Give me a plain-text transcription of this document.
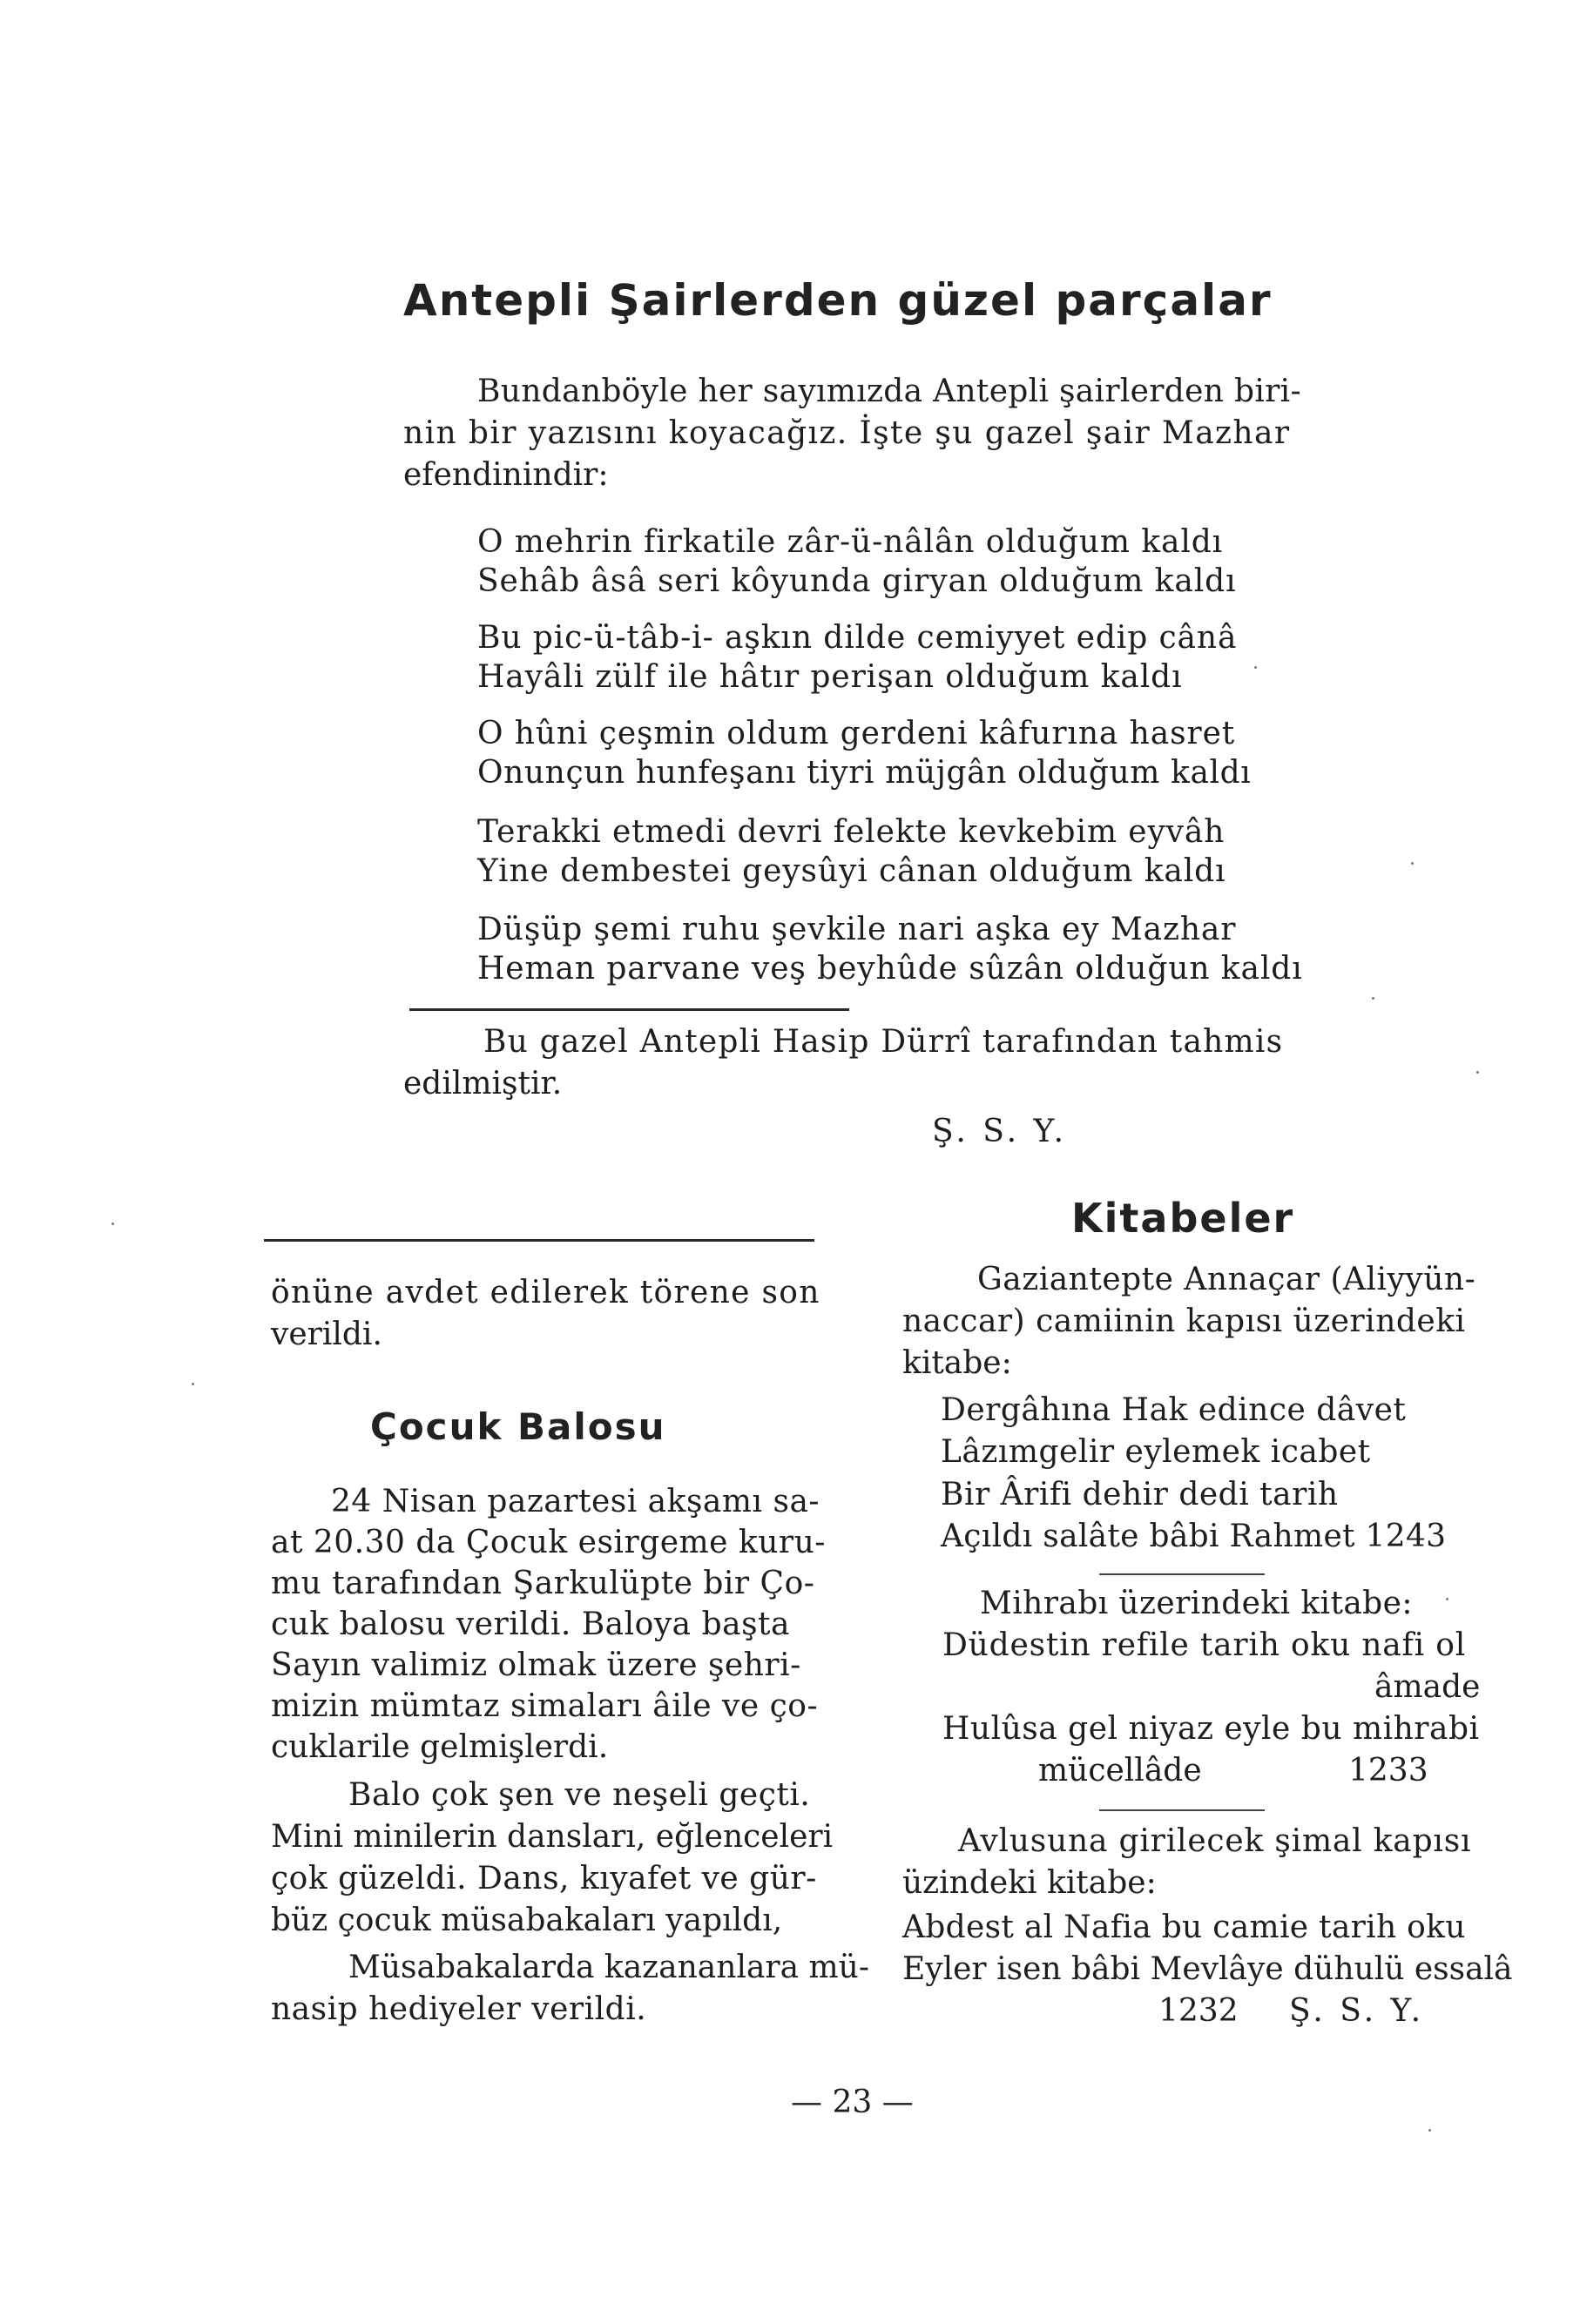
Antepli Şairlerden güzel parçalar
Bundanböyle her sayımızda Antepli şairlerden biri-
nin bir yazısını koyacağız. İşte şu gazel şair Mazhar
efendinindir:
O mehrin firkatile zâr-ü-nâlân olduğum kaldı
Sehâb âsâ seri kôyunda giryan olduğum kaldı
Bu pic-ü-tâb-i- aşkın dilde cemiyyet edip cânâ
Hayâli zülf ile hâtır perişan olduğum kaldı
O hûni çeşmin oldum gerdeni kâfurına hasret
Onunçun hunfeşanı tiyri müjgân olduğum kaldı
Terakki etmedi devri felekte kevkebim eyvâh
Yine dembestei geysûyi cânan olduğum kaldı
Düşüp şemi ruhu şevkile nari aşka ey Mazhar
Heman parvane veş beyhûde sûzân olduğun kaldı
Bu gazel Antepli Hasip Dürrî tarafından tahmis
edilmiştir.
Ş. S. Y.
önüne avdet edilerek törene son
verildi.
Çocuk Balosu
24 Nisan pazartesi akşamı sa-
at 20.30 da Çocuk esirgeme kuru-
mu tarafından Şarkulüpte bir Ço-
cuk balosu verildi. Baloya başta
Sayın valimiz olmak üzere şehri-
mizin mümtaz simaları âile ve ço-
cuklarile gelmişlerdi.
Balo çok şen ve neşeli geçti.
Mini minilerin dansları, eğlenceleri
çok güzeldi. Dans, kıyafet ve gür-
büz çocuk müsabakaları yapıldı,
Müsabakalarda kazananlara mü-
nasip hediyeler verildi.
Kitabeler
Gaziantepte Annaçar (Aliyyün-
naccar) camiinin kapısı üzerindeki
kitabe:
Dergâhına Hak edince dâvet
Lâzımgelir eylemek icabet
Bir Ârifi dehir dedi tarih
Açıldı salâte bâbi Rahmet 1243
Mihrabı üzerindeki kitabe:
Düdestin refile tarih oku nafi ol
âmade
Hulûsa gel niyaz eyle bu mihrabi
mücellâde	1233
Avlusuna girilecek şimal kapısı
üzindeki kitabe:
Abdest al Nafia bu camie tarih oku
Eyler isen bâbi Mevlâye dühulü essalâ
1232 Ş. S. Y.
— 23 —
